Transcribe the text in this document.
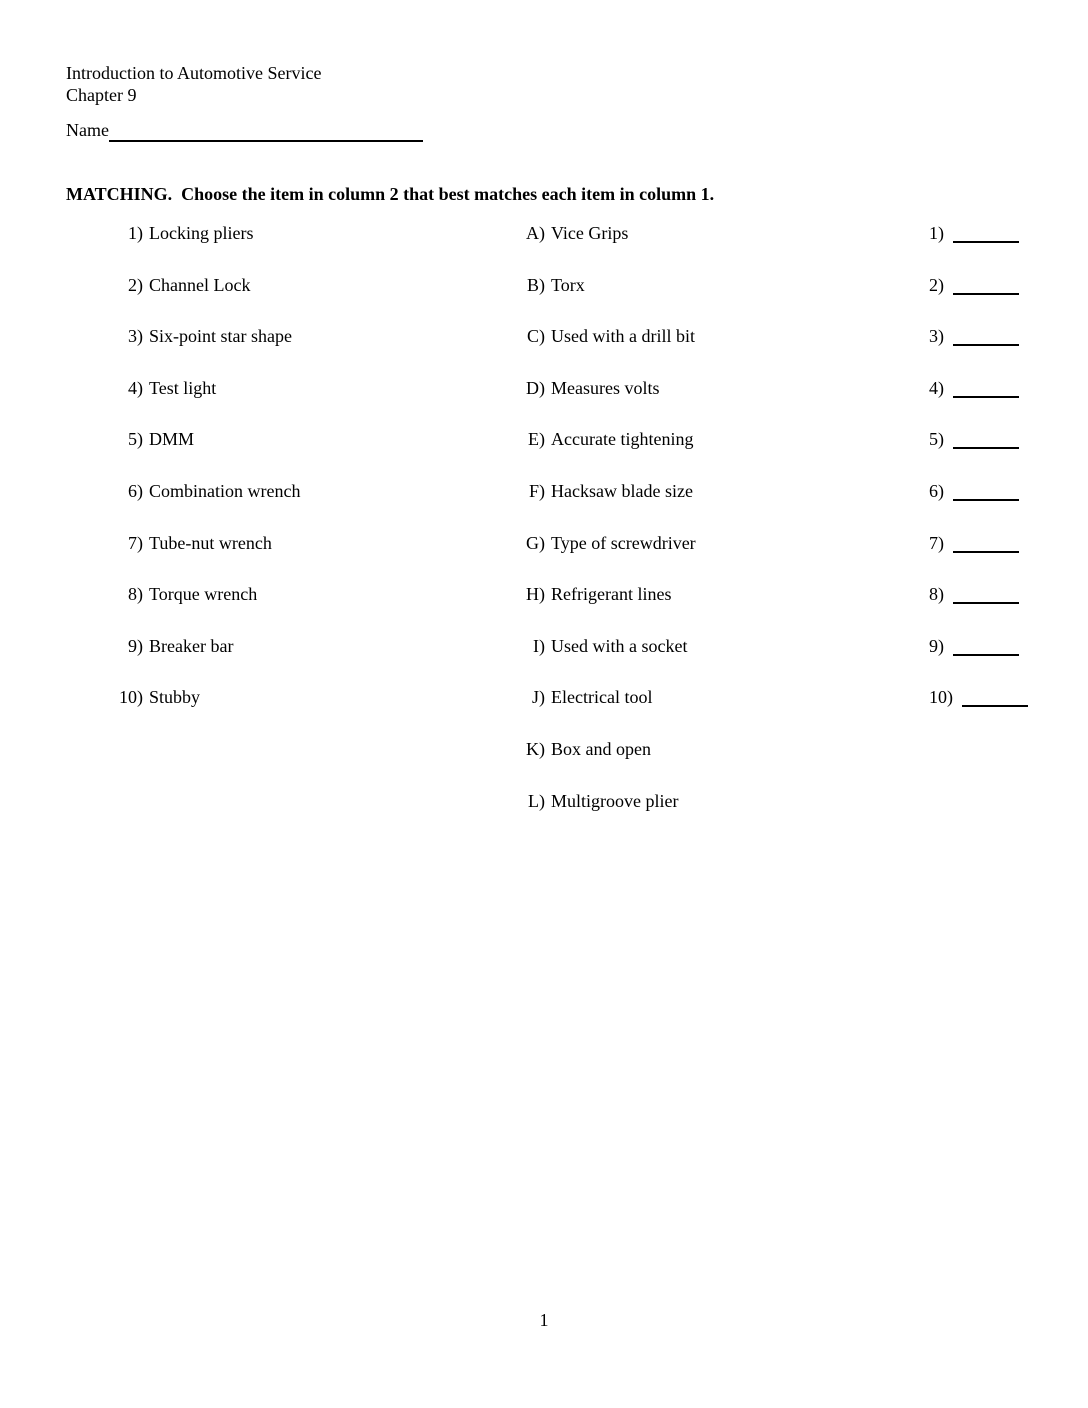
Introduction to Automotive Service
Chapter 9
Name
MATCHING.  Choose the item in column 2 that best matches each item in column 1.
1) Locking pliers	A) Vice Grips	1)
2) Channel Lock	B) Torx	2)
3) Six-point star shape	C) Used with a drill bit	3)
4) Test light	D) Measures volts	4)
5) DMM	E) Accurate tightening	5)
6) Combination wrench	F) Hacksaw blade size	6)
7) Tube-nut wrench	G) Type of screwdriver	7)
8) Torque wrench	H) Refrigerant lines	8)
9) Breaker bar	I) Used with a socket	9)
10) Stubby	J) Electrical tool	10)
K) Box and open
L) Multigroove plier
1
